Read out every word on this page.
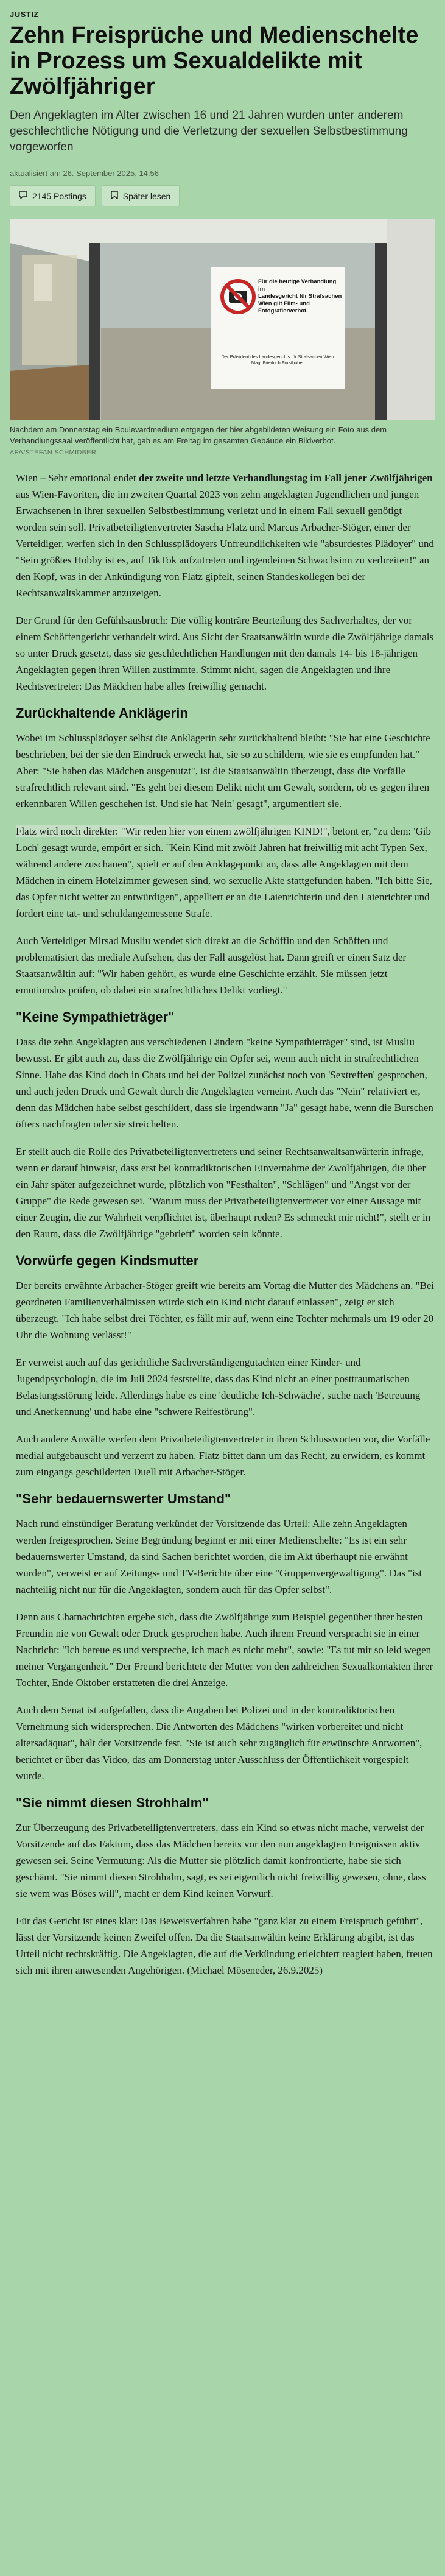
JUSTIZ
Zehn Freisprüche und Medienschelte in Prozess um Sexualdelikte mit Zwölfjähriger
Den Angeklagten im Alter zwischen 16 und 21 Jahren wurden unter anderem geschlechtliche Nötigung und die Verletzung der sexuellen Selbstbestimmung vorgeworfen
aktualisiert am 26. September 2025, 14:56
2145 Postings	Später lesen
Für die heutige Verhandlung im
Landesgericht für Strafsachen
Wien gilt Film- und
Fotografierverbot.
Der Präsident des Landesgerichts für Strafsachen Wien
Mag. Friedrich Forsthuber
Nachdem am Donnerstag ein Boulevardmedium entgegen der hier abgebildeten Weisung ein Foto aus dem Verhandlungssaal veröffentlicht hat, gab es am Freitag im gesamten Gebäude ein Bildverbot.
APA/STEFAN SCHMIDBER

Wien – Sehr emotional endet der zweite und letzte Verhandlungstag im Fall jener Zwölfjährigen aus Wien-Favoriten, die im zweiten Quartal 2023 von zehn angeklagten Jugendlichen und jungen Erwachsenen in ihrer sexuellen Selbstbestimmung verletzt und in einem Fall sexuell genötigt worden sein soll. Privatbeteiligtenvertreter Sascha Flatz und Marcus Arbacher-Stöger, einer der Verteidiger, werfen sich in den Schlussplädoyers Unfreundlichkeiten wie "absurdestes Plädoyer" und "Sein größtes Hobby ist es, auf TikTok aufzutreten und irgendeinen Schwachsinn zu verbreiten!" an den Kopf, was in der Ankündigung von Flatz gipfelt, seinen Standeskollegen bei der Rechtsanwaltskammer anzuzeigen.

Der Grund für den Gefühlsausbruch: Die völlig konträre Beurteilung des Sachverhaltes, der vor einem Schöffengericht verhandelt wird. Aus Sicht der Staatsanwältin wurde die Zwölfjährige damals so unter Druck gesetzt, dass sie geschlechtlichen Handlungen mit den damals 14- bis 18-jährigen Angeklagten gegen ihren Willen zustimmte. Stimmt nicht, sagen die Angeklagten und ihre Rechtsvertreter: Das Mädchen habe alles freiwillig gemacht.

Zurückhaltende Anklägerin

Wobei im Schlussplädoyer selbst die Anklägerin sehr zurückhaltend bleibt: "Sie hat eine Geschichte beschrieben, bei der sie den Eindruck erweckt hat, sie so zu schildern, wie sie es empfunden hat." Aber: "Sie haben das Mädchen ausgenutzt", ist die Staatsanwältin überzeugt, dass die Vorfälle strafrechtlich relevant sind. "Es geht bei diesem Delikt nicht um Gewalt, sondern, ob es gegen ihren erkennbaren Willen geschehen ist. Und sie hat 'Nein' gesagt", argumentiert sie.

Flatz wird noch direkter: "Wir reden hier von einem zwölfjährigen KIND!", betont er, "zu dem: 'Gib Loch' gesagt wurde, empört er sich. "Kein Kind mit zwölf Jahren hat freiwillig mit acht Typen Sex, während andere zuschauen", spielt er auf den Anklagepunkt an, dass alle Angeklagten mit dem Mädchen in einem Hotelzimmer gewesen sind, wo sexuelle Akte stattgefunden haben. "Ich bitte Sie, das Opfer nicht weiter zu entwürdigen", appelliert er an die Laienrichterin und den Laienrichter und fordert eine tat- und schuldangemessene Strafe.

Auch Verteidiger Mirsad Musliu wendet sich direkt an die Schöffin und den Schöffen und problematisiert das mediale Aufsehen, das der Fall ausgelöst hat. Dann greift er einen Satz der Staatsanwältin auf: "Wir haben gehört, es wurde eine Geschichte erzählt. Sie müssen jetzt emotionslos prüfen, ob dabei ein strafrechtliches Delikt vorliegt."

"Keine Sympathieträger"

Dass die zehn Angeklagten aus verschiedenen Ländern "keine Sympathieträger" sind, ist Musliu bewusst. Er gibt auch zu, dass die Zwölfjährige ein Opfer sei, wenn auch nicht in strafrechtlichen Sinne. Habe das Kind doch in Chats und bei der Polizei zunächst noch von 'Sextreffen' gesprochen, und auch jeden Druck und Gewalt durch die Angeklagten verneint. Auch das "Nein" relativiert er, denn das Mädchen habe selbst geschildert, dass sie irgendwann "Ja" gesagt habe, wenn die Burschen öfters nachfragten oder sie streichelten.

Er stellt auch die Rolle des Privatbeteiligtenvertreters und seiner Rechtsanwaltsanwärterin infrage, wenn er darauf hinweist, dass erst bei kontradiktorischen Einvernahme der Zwölfjährigen, die über ein Jahr später aufgezeichnet wurde, plötzlich von "Festhalten", "Schlägen" und "Angst vor der Gruppe" die Rede gewesen sei. "Warum muss der Privatbeteiligtenvertreter vor einer Aussage mit einer Zeugin, die zur Wahrheit verpflichtet ist, überhaupt reden? Es schmeckt mir nicht!", stellt er in den Raum, dass die Zwölfjährige "gebrieft" worden sein könnte.

Vorwürfe gegen Kindsmutter

Der bereits erwähnte Arbacher-Stöger greift wie bereits am Vortag die Mutter des Mädchens an. "Bei geordneten Familienverhältnissen würde sich ein Kind nicht darauf einlassen", zeigt er sich überzeugt. "Ich habe selbst drei Töchter, es fällt mir auf, wenn eine Tochter mehrmals um 19 oder 20 Uhr die Wohnung verlässt!"

Er verweist auch auf das gerichtliche Sachverständigengutachten einer Kinder- und Jugendpsychologin, die im Juli 2024 feststellte, dass das Kind nicht an einer posttraumatischen Belastungsstörung leide. Allerdings habe es eine 'deutliche Ich-Schwäche', suche nach 'Betreuung und Anerkennung' und habe eine "schwere Reifestörung".

Auch andere Anwälte werfen dem Privatbeteiligtenvertreter in ihren Schlussworten vor, die Vorfälle medial aufgebauscht und verzerrt zu haben. Flatz bittet dann um das Recht, zu erwidern, es kommt zum eingangs geschilderten Duell mit Arbacher-Stöger.

"Sehr bedauernswerter Umstand"

Nach rund einstündiger Beratung verkündet der Vorsitzende das Urteil: Alle zehn Angeklagten werden freigesprochen. Seine Begründung beginnt er mit einer Medienschelte: "Es ist ein sehr bedauernswerter Umstand, da sind Sachen berichtet worden, die im Akt überhaupt nie erwähnt wurden", verweist er auf Zeitungs- und TV-Berichte über eine "Gruppenvergewaltigung". Das "ist nachteilig nicht nur für die Angeklagten, sondern auch für das Opfer selbst".

Denn aus Chatnachrichten ergebe sich, dass die Zwölfjährige zum Beispiel gegenüber ihrer besten Freundin nie von Gewalt oder Druck gesprochen habe. Auch ihrem Freund verspracht sie in einer Nachricht: "Ich bereue es und verspreche, ich mach es nicht mehr", sowie: "Es tut mir so leid wegen meiner Vergangenheit." Der Freund berichtete der Mutter von den zahlreichen Sexualkontakten ihrer Tochter, Ende Oktober erstatteten die drei Anzeige.

Auch dem Senat ist aufgefallen, dass die Angaben bei Polizei und in der kontradiktorischen Vernehmung sich widersprechen. Die Antworten des Mädchens "wirken vorbereitet und nicht altersadäquat", hält der Vorsitzende fest. "Sie ist auch sehr zugänglich für erwünschte Antworten", berichtet er über das Video, das am Donnerstag unter Ausschluss der Öffentlichkeit vorgespielt wurde.

"Sie nimmt diesen Strohhalm"

Zur Überzeugung des Privatbeteiligtenvertreters, dass ein Kind so etwas nicht mache, verweist der Vorsitzende auf das Faktum, dass das Mädchen bereits vor den nun angeklagten Ereignissen aktiv gewesen sei. Seine Vermutung: Als die Mutter sie plötzlich damit konfrontierte, habe sie sich geschämt. "Sie nimmt diesen Strohhalm, sagt, es sei eigentlich nicht freiwillig gewesen, ohne, dass sie wem was Böses will", macht er dem Kind keinen Vorwurf.

Für das Gericht ist eines klar: Das Beweisverfahren habe "ganz klar zu einem Freispruch geführt", lässt der Vorsitzende keinen Zweifel offen. Da die Staatsanwältin keine Erklärung abgibt, ist das Urteil nicht rechtskräftig. Die Angeklagten, die auf die Verkündung erleichtert reagiert haben, freuen sich mit ihren anwesenden Angehörigen. (Michael Möseneder, 26.9.2025)
